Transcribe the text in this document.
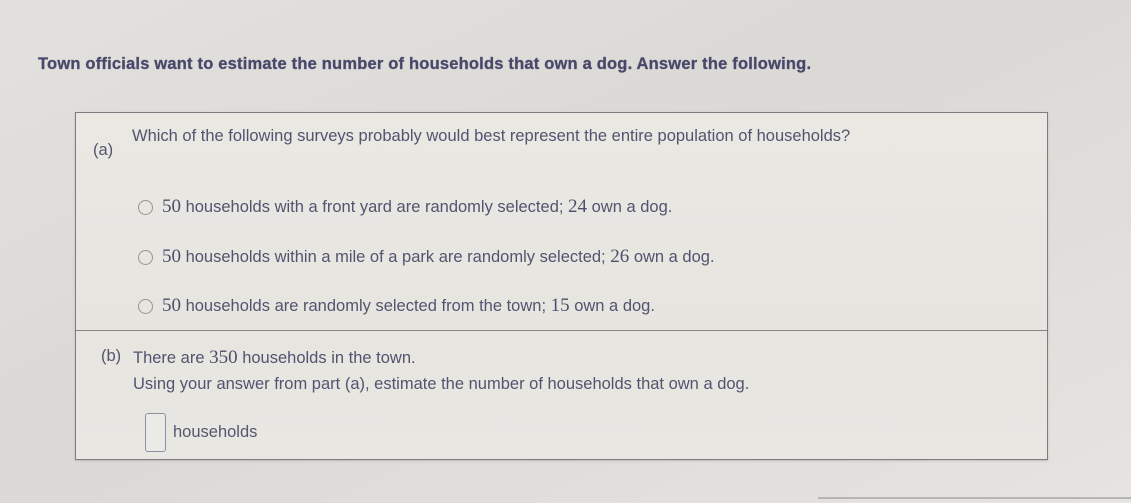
Town officials want to estimate the number of households that own a dog. Answer the following.
(a)
Which of the following surveys probably would best represent the entire population of households?
50 households with a front yard are randomly selected; 24 own a dog.
50 households within a mile of a park are randomly selected; 26 own a dog.
50 households are randomly selected from the town; 15 own a dog.
(b) There are 350 households in the town.
Using your answer from part (a), estimate the number of households that own a dog.
households
